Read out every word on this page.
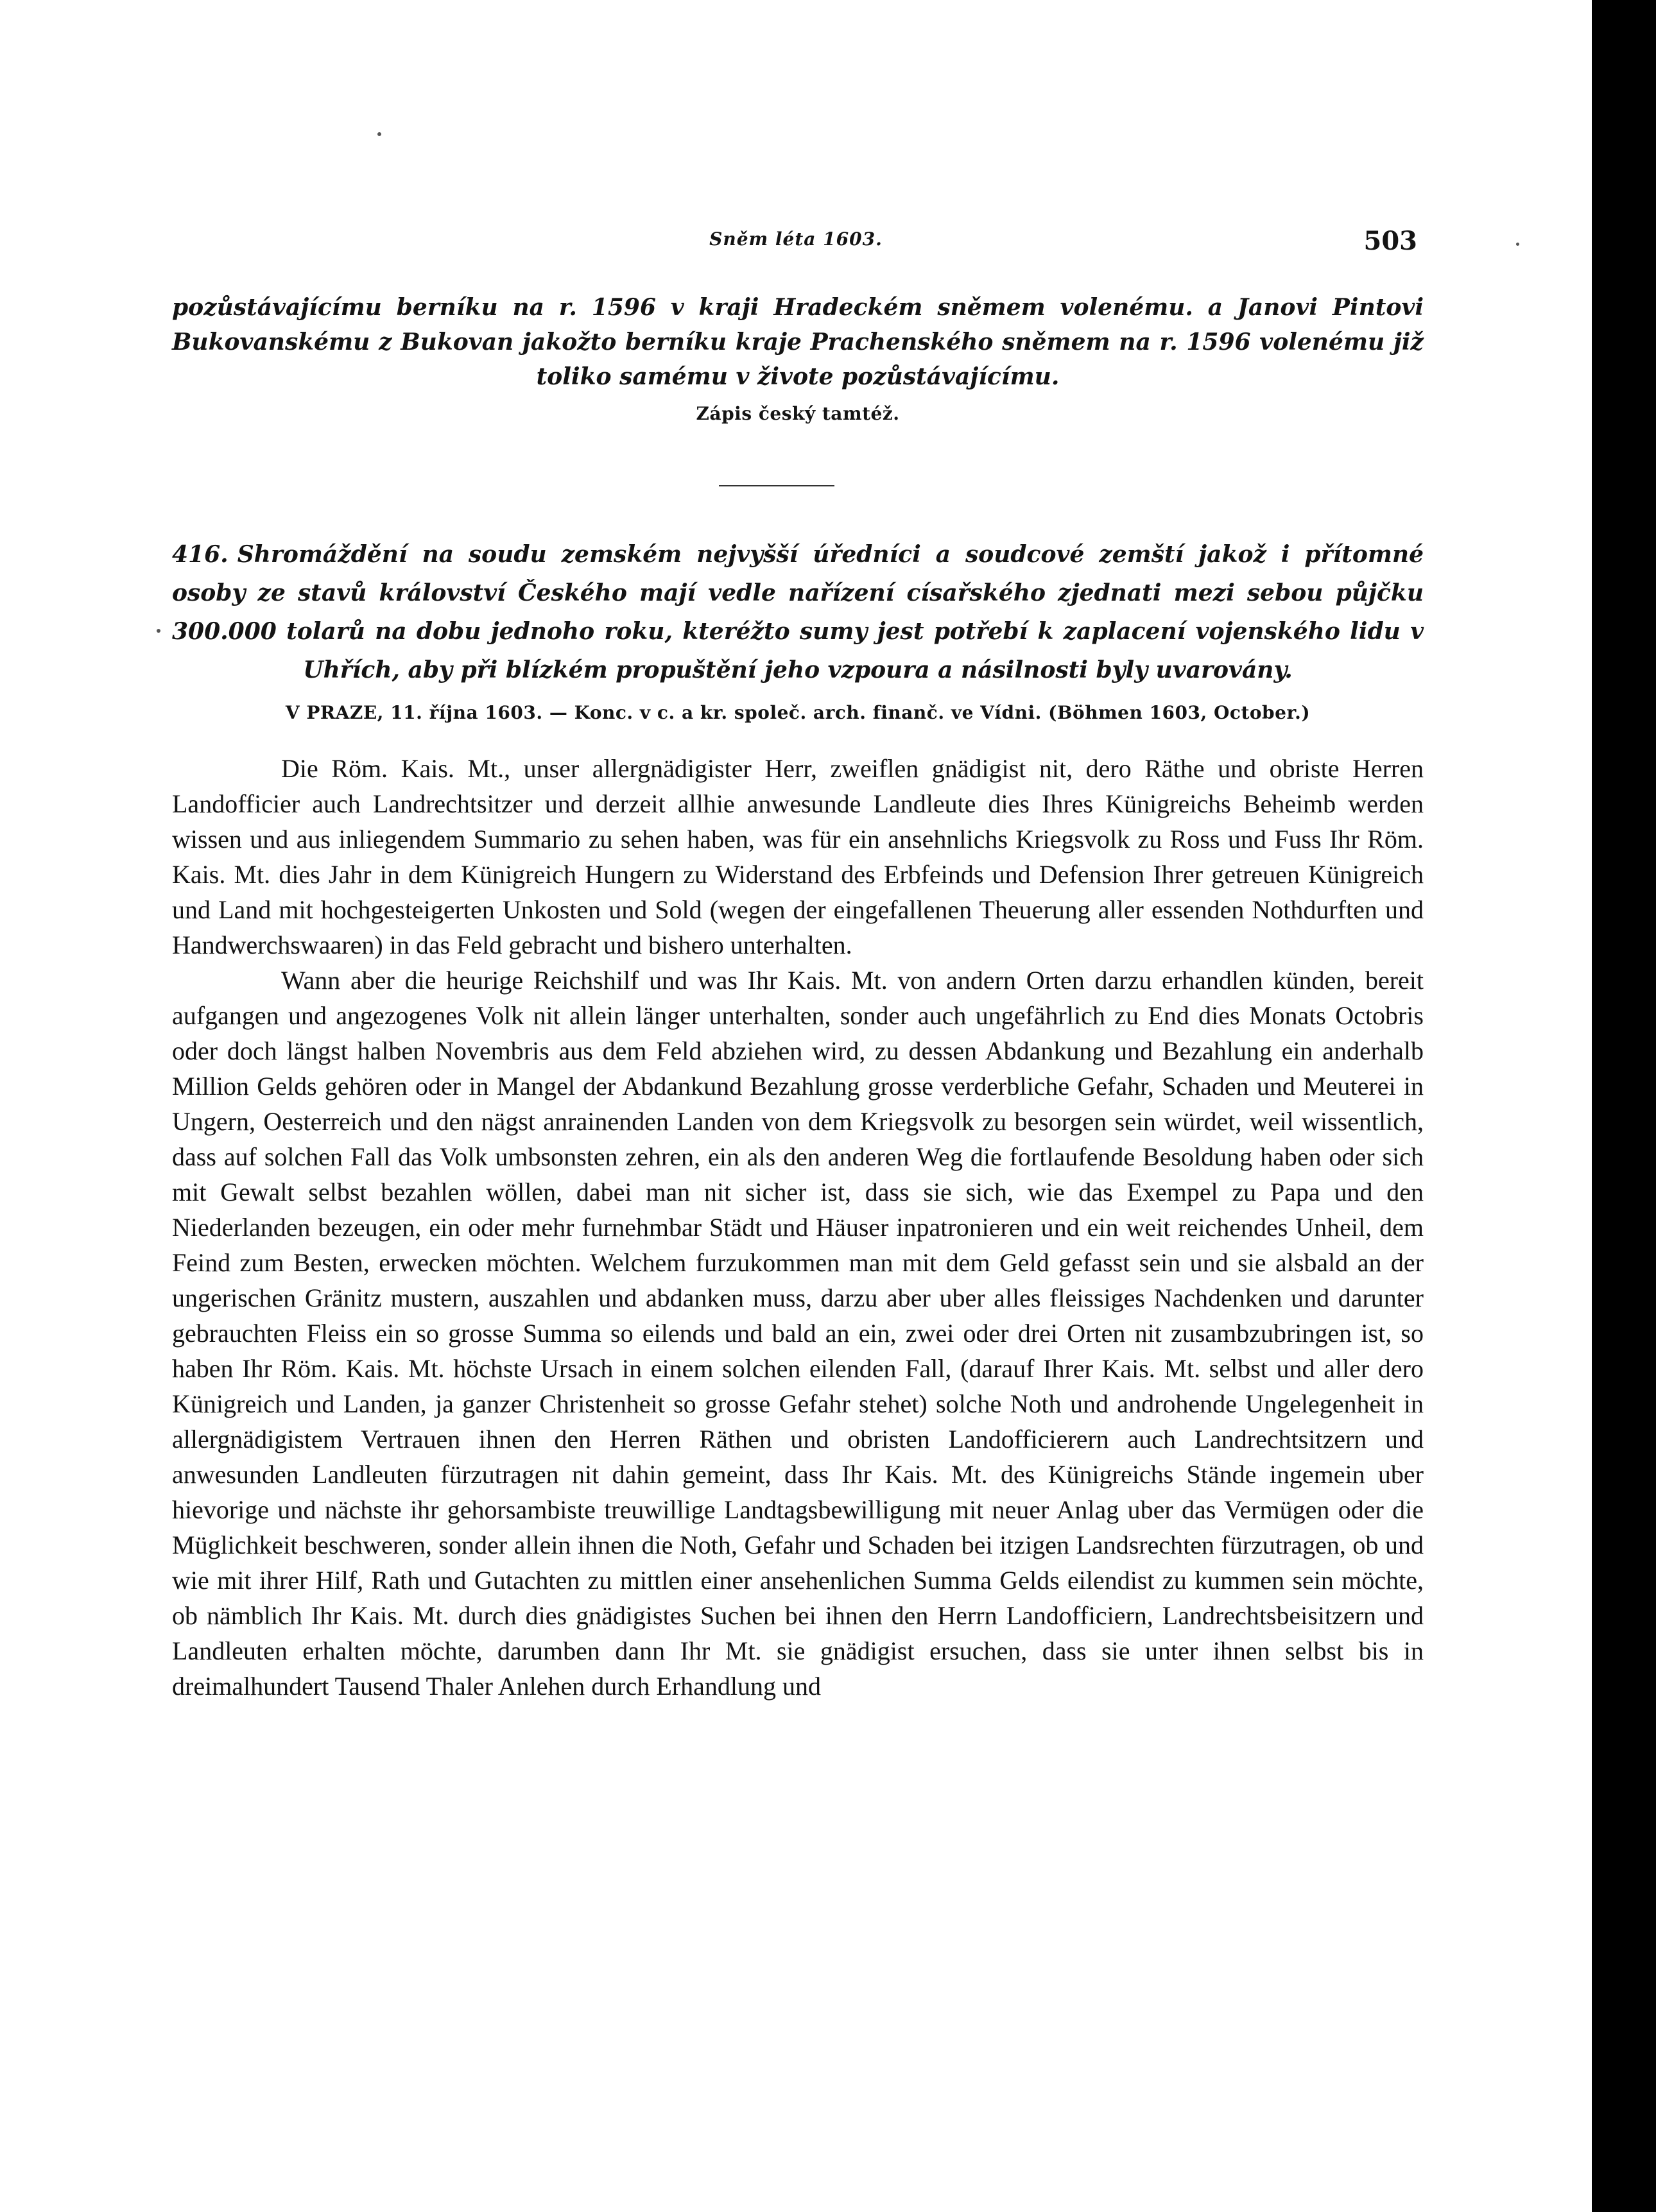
Sněm léta 1603.	503
pozůstávajícímu berníku na r. 1596 v kraji Hradeckém sněmem volenému. a Janovi Pintovi Bukovanskému z Bukovan jakožto berníku kraje Prachenského sněmem na r. 1596 volenému již toliko samému v živote pozůstávajícímu.
Zápis český tamtéž.
416. Shromáždění na soudu zemském nejvyšší úředníci a soudcové zemští jakož i přítomné osoby ze stavů království Českého mají vedle nařízení císařského zjednati mezi sebou půjčku 300.000 tolarů na dobu jednoho roku, kteréžto sumy jest potřebí k zaplacení vojenského lidu v Uhřích, aby při blízkém propuštění jeho vzpoura a násilnosti byly uvarovány.
V PRAZE, 11. října 1603. — Konc. v c. a kr. společ. arch. finanč. ve Vídni. (Böhmen 1603, October.)

Die Röm. Kais. Mt., unser allergnädigister Herr, zweiflen gnädigist nit, dero Räthe und obriste Herren Landofficier auch Landrechtsitzer und derzeit allhie anwesunde Landleute dies Ihres Künigreichs Beheimb werden wissen und aus inliegendem Summario zu sehen haben, was für ein ansehnlichs Kriegsvolk zu Ross und Fuss Ihr Röm. Kais. Mt. dies Jahr in dem Künigreich Hungern zu Widerstand des Erbfeinds und Defension Ihrer getreuen Künigreich und Land mit hochgesteigerten Unkosten und Sold (wegen der eingefallenen Theuerung aller essenden Nothdurften und Handwerchswaaren) in das Feld gebracht und bishero unterhalten.

Wann aber die heurige Reichshilf und was Ihr Kais. Mt. von andern Orten darzu erhandlen künden, bereit aufgangen und angezogenes Volk nit allein länger unterhalten, sonder auch ungefährlich zu End dies Monats Octobris oder doch längst halben Novembris aus dem Feld abziehen wird, zu dessen Abdankung und Bezahlung ein anderhalb Million Gelds gehören oder in Mangel der Abdankund Bezahlung grosse verderbliche Gefahr, Schaden und Meuterei in Ungern, Oesterreich und den nägst anrainenden Landen von dem Kriegsvolk zu besorgen sein würdet, weil wissentlich, dass auf solchen Fall das Volk umbsonsten zehren, ein als den anderen Weg die fortlaufende Besoldung haben oder sich mit Gewalt selbst bezahlen wöllen, dabei man nit sicher ist, dass sie sich, wie das Exempel zu Papa und den Niederlanden bezeugen, ein oder mehr furnehmbar Städt und Häuser inpatronieren und ein weit reichendes Unheil, dem Feind zum Besten, erwecken möchten. Welchem furzukommen man mit dem Geld gefasst sein und sie alsbald an der ungerischen Gränitz mustern, auszahlen und abdanken muss, darzu aber uber alles fleissiges Nachdenken und darunter gebrauchten Fleiss ein so grosse Summa so eilends und bald an ein, zwei oder drei Orten nit zusambzubringen ist, so haben Ihr Röm. Kais. Mt. höchste Ursach in einem solchen eilenden Fall, (darauf Ihrer Kais. Mt. selbst und aller dero Künigreich und Landen, ja ganzer Christenheit so grosse Gefahr stehet) solche Noth und androhende Ungelegenheit in allergnädigistem Vertrauen ihnen den Herren Räthen und obristen Landofficierern auch Landrechtsitzern und anwesunden Landleuten fürzutragen nit dahin gemeint, dass Ihr Kais. Mt. des Künigreichs Stände ingemein uber hievorige und nächste ihr gehorsambiste treuwillige Landtagsbewilligung mit neuer Anlag uber das Vermügen oder die Müglichkeit beschweren, sonder allein ihnen die Noth, Gefahr und Schaden bei itzigen Landsrechten fürzutragen, ob und wie mit ihrer Hilf, Rath und Gutachten zu mittlen einer ansehenlichen Summa Gelds eilendist zu kummen sein möchte, ob nämblich Ihr Kais. Mt. durch dies gnädigistes Suchen bei ihnen den Herrn Landofficiern, Landrechtsbeisitzern und Landleuten erhalten möchte, darumben dann Ihr Mt. sie gnädigist ersuchen, dass sie unter ihnen selbst bis in dreimalhundert Tausend Thaler Anlehen durch Erhandlung und
